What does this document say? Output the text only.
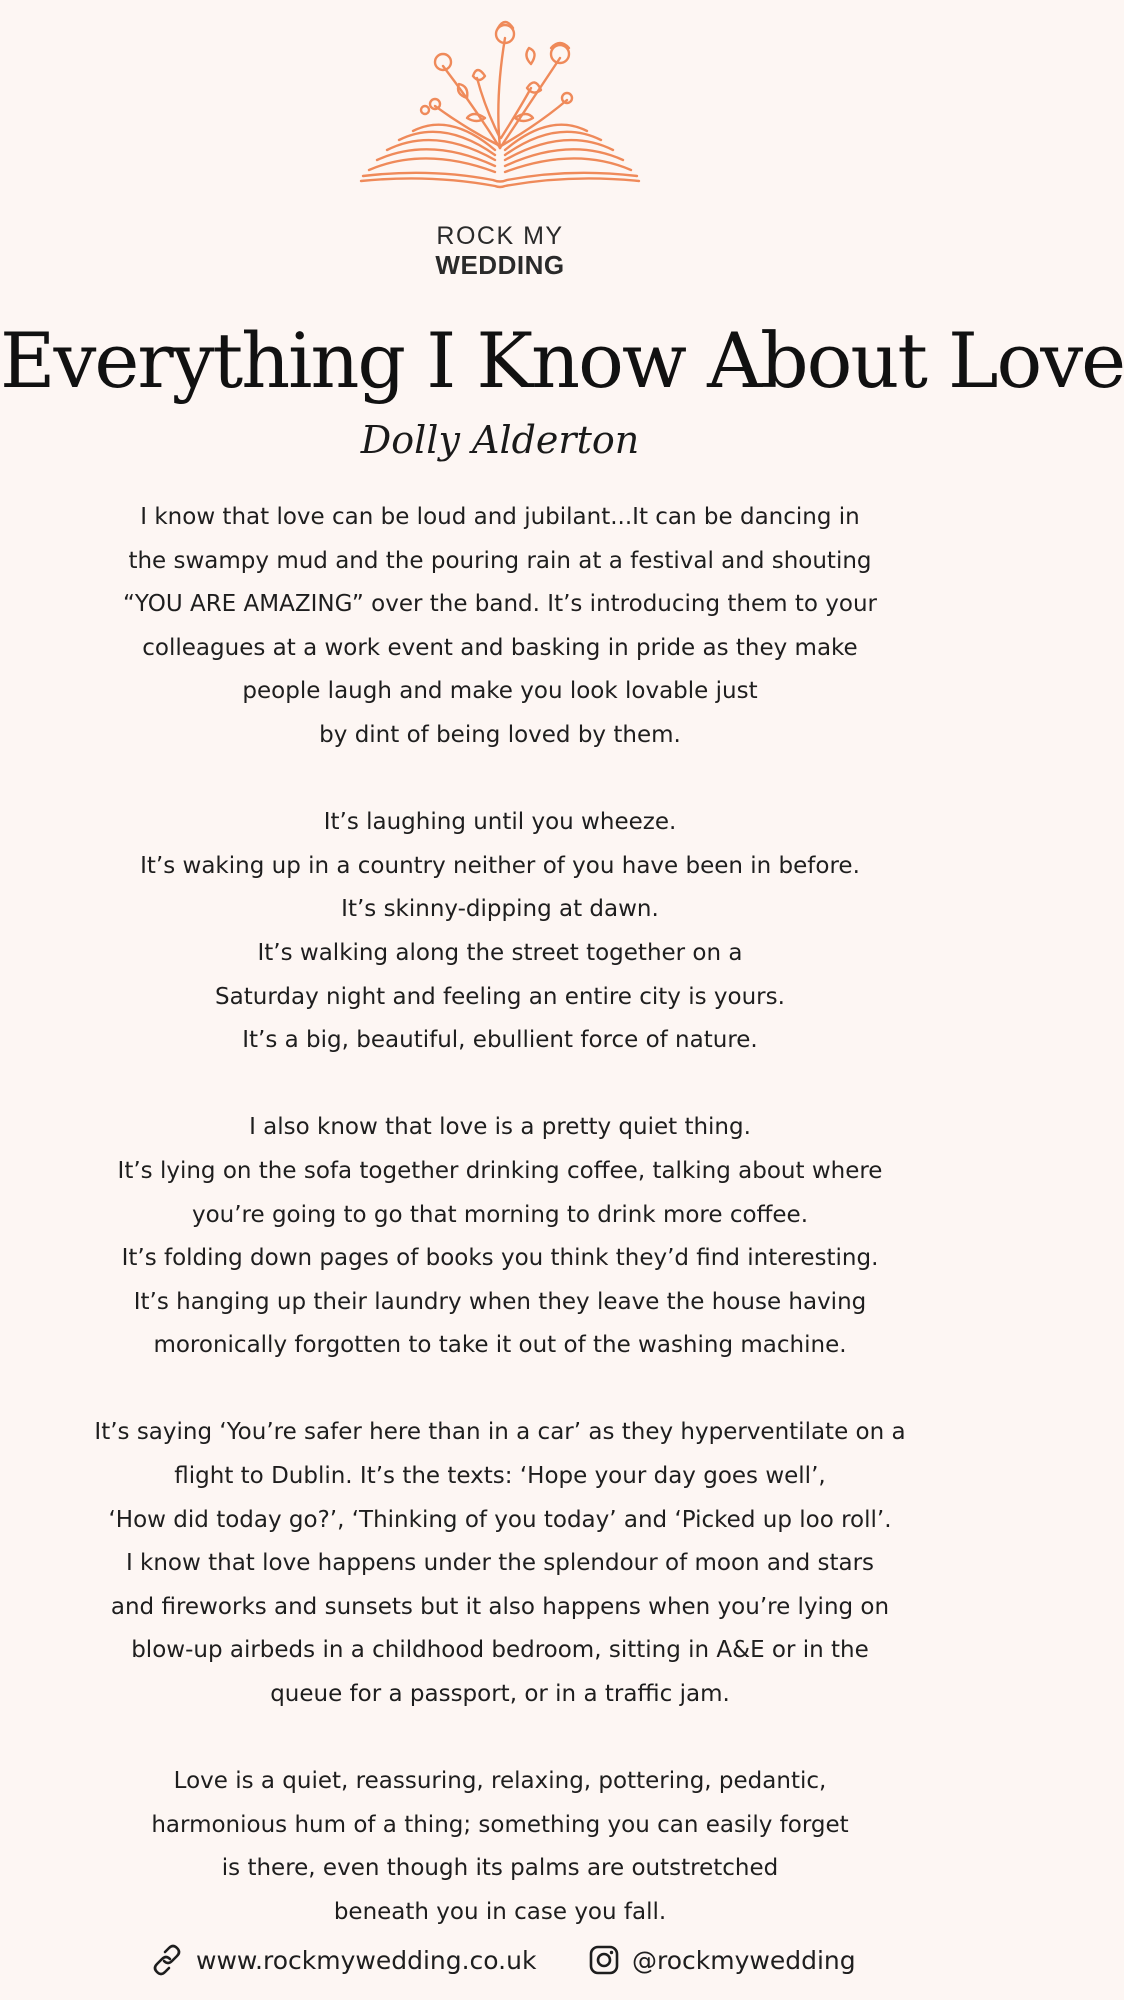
ROCK MY
WEDDING
Everything I Know About Love
Dolly Alderton
I know that love can be loud and jubilant...It can be dancing in
the swampy mud and the pouring rain at a festival and shouting
“YOU ARE AMAZING” over the band. It’s introducing them to your
colleagues at a work event and basking in pride as they make
people laugh and make you look lovable just
by dint of being loved by them.
It’s laughing until you wheeze.
It’s waking up in a country neither of you have been in before.
It’s skinny-dipping at dawn.
It’s walking along the street together on a
Saturday night and feeling an entire city is yours.
It’s a big, beautiful, ebullient force of nature.
I also know that love is a pretty quiet thing.
It’s lying on the sofa together drinking coffee, talking about where
you’re going to go that morning to drink more coffee.
It’s folding down pages of books you think they’d find interesting.
It’s hanging up their laundry when they leave the house having
moronically forgotten to take it out of the washing machine.
It’s saying ‘You’re safer here than in a car’ as they hyperventilate on a
flight to Dublin. It’s the texts: ‘Hope your day goes well’,
‘How did today go?’, ‘Thinking of you today’ and ‘Picked up loo roll’.
I know that love happens under the splendour of moon and stars
and fireworks and sunsets but it also happens when you’re lying on
blow-up airbeds in a childhood bedroom, sitting in A&E or in the
queue for a passport, or in a traffic jam.
Love is a quiet, reassuring, relaxing, pottering, pedantic,
harmonious hum of a thing; something you can easily forget
is there, even though its palms are outstretched
beneath you in case you fall.
www.rockmywedding.co.uk	@rockmywedding
